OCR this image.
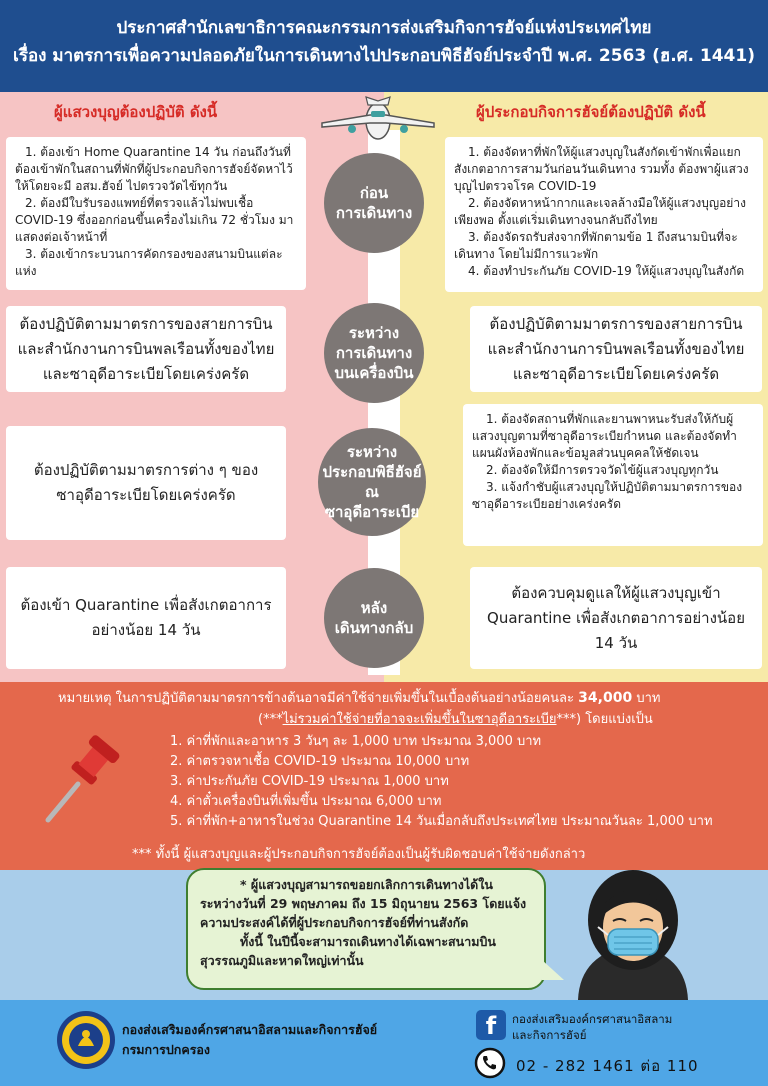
ประกาศสำนักเลขาธิการคณะกรรมการส่งเสริมกิจการฮัจย์แห่งประเทศไทย
เรื่อง มาตรการเพื่อความปลอดภัยในการเดินทางไปประกอบพิธีฮัจย์ประจำปี พ.ศ. 2563 (ฮ.ศ. 1441)
ผู้แสวงบุญต้องปฏิบัติ ดังนี้	ผู้ประกอบกิจการฮัจย์ต้องปฏิบัติ ดังนี้
1. ต้องเข้า Home Quarantine 14 วัน ก่อนถึงวันที่ต้องเข้าพักในสถานที่พักที่ผู้ประกอบกิจการฮัจย์จัดหาไว้ให้โดยจะมี อสม.ฮัจย์ ไปตรวจวัดไข้ทุกวัน
2. ต้องมีใบรับรองแพทย์ที่ตรวจแล้วไม่พบเชื้อ COVID-19 ซึ่งออกก่อนขึ้นเครื่องไม่เกิน 72 ชั่วโมง มาแสดงต่อเจ้าหน้าที่
3. ต้องเข้ากระบวนการคัดกรองของสนามบินแต่ละแห่ง
ก่อน
การเดินทาง
1. ต้องจัดหาที่พักให้ผู้แสวงบุญในสังกัดเข้าพักเพื่อแยกสังเกตอาการสามวันก่อนวันเดินทาง รวมทั้ง ต้องพาผู้แสวงบุญไปตรวจโรค COVID-19
2. ต้องจัดหาหน้ากากและเจลล้างมือให้ผู้แสวงบุญอย่างเพียงพอ ตั้งแต่เริ่มเดินทางจนกลับถึงไทย
3. ต้องจัดรถรับส่งจากที่พักตามข้อ 1 ถึงสนามบินที่จะเดินทาง โดยไม่มีการแวะพัก
4. ต้องทำประกันภัย COVID-19 ให้ผู้แสวงบุญในสังกัด
ต้องปฏิบัติตามมาตรการของสายการบินและสำนักงานการบินพลเรือนทั้งของไทยและซาอุดีอาระเบียโดยเคร่งครัด
ระหว่าง
การเดินทาง
บนเครื่องบิน
ต้องปฏิบัติตามมาตรการของสายการบินและสำนักงานการบินพลเรือนทั้งของไทยและซาอุดีอาระเบียโดยเคร่งครัด
ต้องปฏิบัติตามมาตรการต่าง ๆ ของซาอุดีอาระเบียโดยเคร่งครัด
ระหว่าง
ประกอบพิธีฮัจย์
ณ
ซาอุดีอาระเบีย
1. ต้องจัดสถานที่พักและยานพาหนะรับส่งให้กับผู้แสวงบุญตามที่ซาอุดีอาระเบียกำหนด และต้องจัดทำแผนผังห้องพักและข้อมูลส่วนบุคคลให้ชัดเจน
2. ต้องจัดให้มีการตรวจวัดไข้ผู้แสวงบุญทุกวัน
3. แจ้งกำชับผู้แสวงบุญให้ปฏิบัติตามมาตรการของซาอุดีอาระเบียอย่างเคร่งครัด
ต้องเข้า Quarantine เพื่อสังเกตอาการอย่างน้อย 14 วัน
หลัง
เดินทางกลับ
ต้องควบคุมดูแลให้ผู้แสวงบุญเข้า Quarantine เพื่อสังเกตอาการอย่างน้อย 14 วัน
หมายเหตุ ในการปฏิบัติตามมาตรการข้างต้นอาจมีค่าใช้จ่ายเพิ่มขึ้นในเบื้องต้นอย่างน้อยคนละ 34,000 บาท
(***ไม่รวมค่าใช้จ่ายที่อาจจะเพิ่มขึ้นในซาอุดีอาระเบีย***) โดยแบ่งเป็น
1. ค่าที่พักและอาหาร 3 วันๆ ละ 1,000 บาท ประมาณ 3,000 บาท
2. ค่าตรวจหาเชื้อ COVID-19 ประมาณ 10,000 บาท
3. ค่าประกันภัย COVID-19 ประมาณ 1,000 บาท
4. ค่าตั๋วเครื่องบินที่เพิ่มขึ้น ประมาณ 6,000 บาท
5. ค่าที่พัก+อาหารในช่วง Quarantine 14 วันเมื่อกลับถึงประเทศไทย ประมาณวันละ 1,000 บาท
*** ทั้งนี้ ผู้แสวงบุญและผู้ประกอบกิจการฮัจย์ต้องเป็นผู้รับผิดชอบค่าใช้จ่ายดังกล่าว

* ผู้แสวงบุญสามารถขอยกเลิกการเดินทางได้ในระหว่างวันที่ 29 พฤษภาคม ถึง 15 มิถุนายน 2563 โดยแจ้งความประสงค์ได้ที่ผู้ประกอบกิจการฮัจย์ที่ท่านสังกัด

ทั้งนี้ ในปีนี้จะสามารถเดินทางได้เฉพาะสนามบินสุวรรณภูมิและหาดใหญ่เท่านั้น

กองส่งเสริมองค์กรศาสนาอิสลามและกิจการฮัจย์
กรมการปกครอง
f	กองส่งเสริมองค์กรศาสนาอิสลาม
และกิจการฮัจย์
02 - 282 1461 ต่อ 110
